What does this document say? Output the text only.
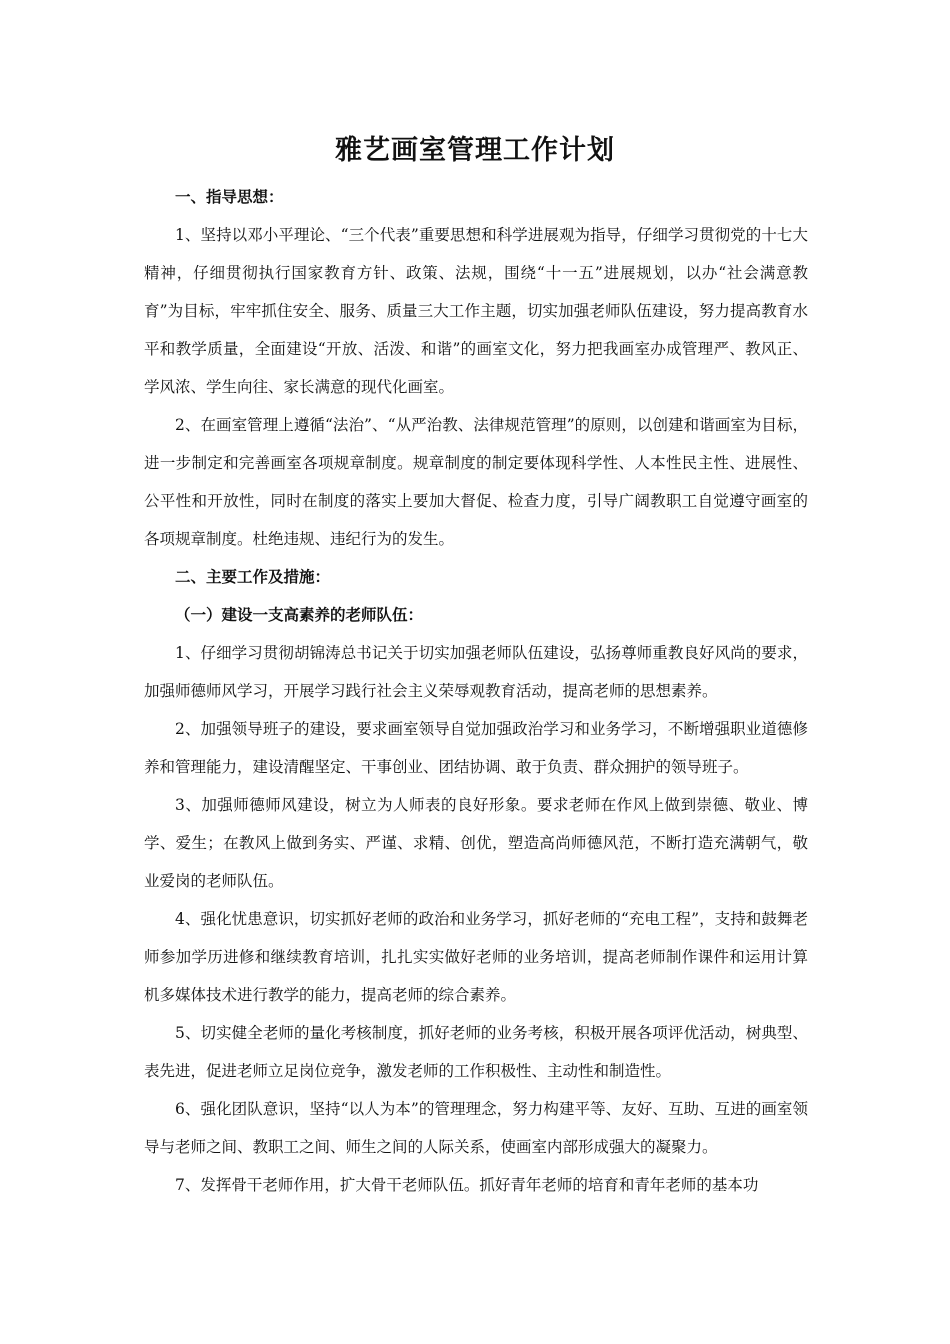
雅艺画室管理工作计划

一、指导思想：

1、坚持以邓小平理论、“三个代表”重要思想和科学进展观为指导，仔细学习贯彻党的十七大精神，仔细贯彻执行国家教育方针、政策、法规，围绕“十一五”进展规划，以办“社会满意教育”为目标，牢牢抓住安全、服务、质量三大工作主题，切实加强老师队伍建设，努力提高教育水平和教学质量，全面建设“开放、活泼、和谐”的画室文化，努力把我画室办成管理严、教风正、学风浓、学生向往、家长满意的现代化画室。

2、在画室管理上遵循“法治”、“从严治教、法律规范管理”的原则，以创建和谐画室为目标，进一步制定和完善画室各项规章制度。规章制度的制定要体现科学性、人本性民主性、进展性、公平性和开放性，同时在制度的落实上要加大督促、检查力度，引导广阔教职工自觉遵守画室的各项规章制度。杜绝违规、违纪行为的发生。

二、主要工作及措施：

（一）建设一支高素养的老师队伍：

1、仔细学习贯彻胡锦涛总书记关于切实加强老师队伍建设，弘扬尊师重教良好风尚的要求，加强师德师风学习，开展学习践行社会主义荣辱观教育活动，提高老师的思想素养。

2、加强领导班子的建设，要求画室领导自觉加强政治学习和业务学习，不断增强职业道德修养和管理能力，建设清醒坚定、干事创业、团结协调、敢于负责、群众拥护的领导班子。

3、加强师德师风建设，树立为人师表的良好形象。要求老师在作风上做到崇德、敬业、博学、爱生；在教风上做到务实、严谨、求精、创优，塑造高尚师德风范，不断打造充满朝气，敬业爱岗的老师队伍。

4、强化忧患意识，切实抓好老师的政治和业务学习，抓好老师的“充电工程”，支持和鼓舞老师参加学历进修和继续教育培训，扎扎实实做好老师的业务培训，提高老师制作课件和运用计算机多媒体技术进行教学的能力，提高老师的综合素养。

5、切实健全老师的量化考核制度，抓好老师的业务考核，积极开展各项评优活动，树典型、表先进，促进老师立足岗位竞争，激发老师的工作积极性、主动性和制造性。

6、强化团队意识，坚持“以人为本”的管理理念，努力构建平等、友好、互助、互进的画室领导与老师之间、教职工之间、师生之间的人际关系，使画室内部形成强大的凝聚力。

7、发挥骨干老师作用，扩大骨干老师队伍。抓好青年老师的培育和青年老师的基本功
